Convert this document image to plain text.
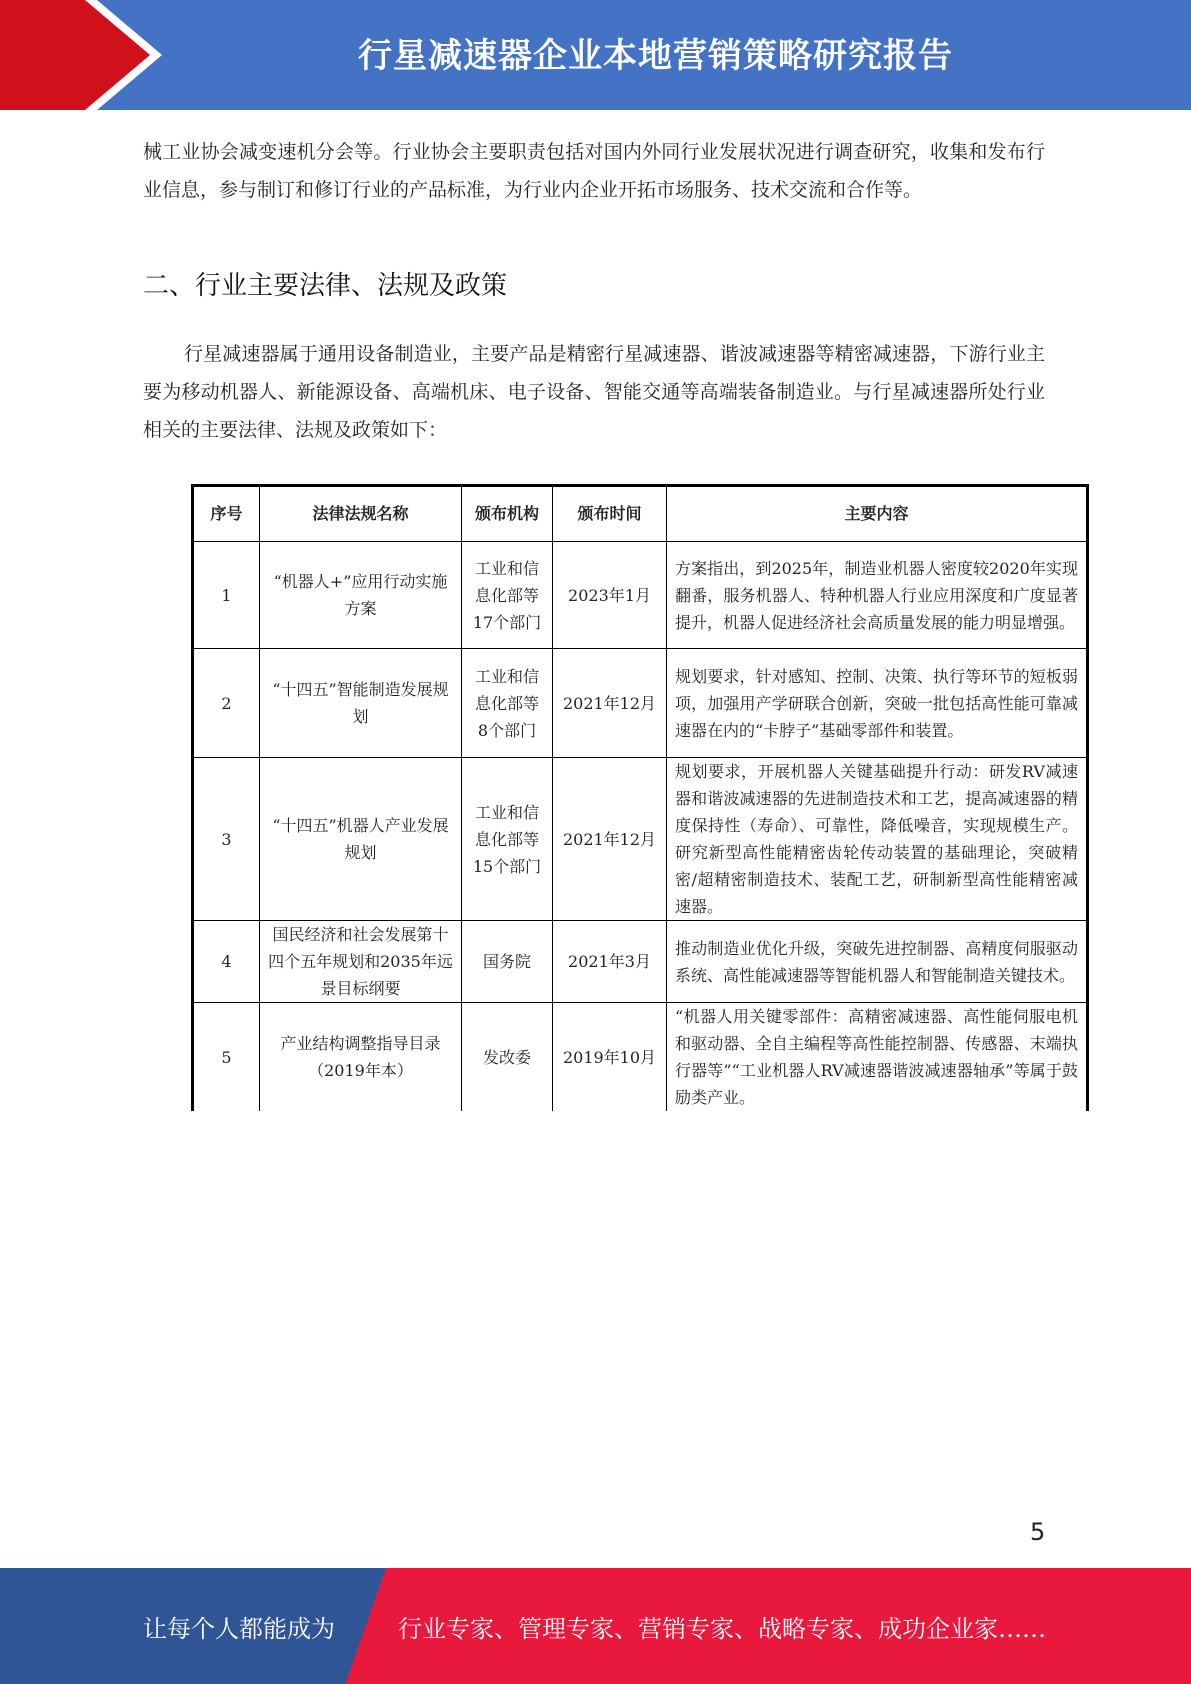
行星减速器企业本地营销策略研究报告

械工业协会减变速机分会等。行业协会主要职责包括对国内外同行业发展状况进行调查研究，收集和发布行业信息，参与制订和修订行业的产品标准，为行业内企业开拓市场服务、技术交流和合作等。

二、行业主要法律、法规及政策

行星减速器属于通用设备制造业，主要产品是精密行星减速器、谐波减速器等精密减速器，下游行业主要为移动机器人、新能源设备、高端机床、电子设备、智能交通等高端装备制造业。与行星减速器所处行业相关的主要法律、法规及政策如下：

序号	法律法规名称	颁布机构	颁布时间	主要内容
1	“机器人+”应用行动实施方案	工业和信息化部等17个部门	2023年1月	方案指出，到2025年，制造业机器人密度较2020年实现翻番，服务机器人、特种机器人行业应用深度和广度显著提升，机器人促进经济社会高质量发展的能力明显增强。
2	“十四五”智能制造发展规划	工业和信息化部等8个部门	2021年12月	规划要求，针对感知、控制、决策、执行等环节的短板弱项，加强用产学研联合创新，突破一批包括高性能可靠减速器在内的“卡脖子”基础零部件和装置。
3	“十四五”机器人产业发展规划	工业和信息化部等15个部门	2021年12月	规划要求，开展机器人关键基础提升行动：研发RV减速器和谐波减速器的先进制造技术和工艺，提高减速器的精度保持性（寿命）、可靠性，降低噪音，实现规模生产。研究新型高性能精密齿轮传动装置的基础理论，突破精密/超精密制造技术、装配工艺，研制新型高性能精密减速器。
4	国民经济和社会发展第十四个五年规划和2035年远景目标纲要	国务院	2021年3月	推动制造业优化升级，突破先进控制器、高精度伺服驱动系统、高性能减速器等智能机器人和智能制造关键技术。
5	产业结构调整指导目录（2019年本）	发改委	2019年10月	“机器人用关键零部件：高精密减速器、高性能伺服电机和驱动器、全自主编程等高性能控制器、传感器、末端执行器等”“工业机器人RV减速器谐波减速器轴承”等属于鼓励类产业。
5
让每个人都能成为	行业专家、管理专家、营销专家、战略专家、成功企业家……
